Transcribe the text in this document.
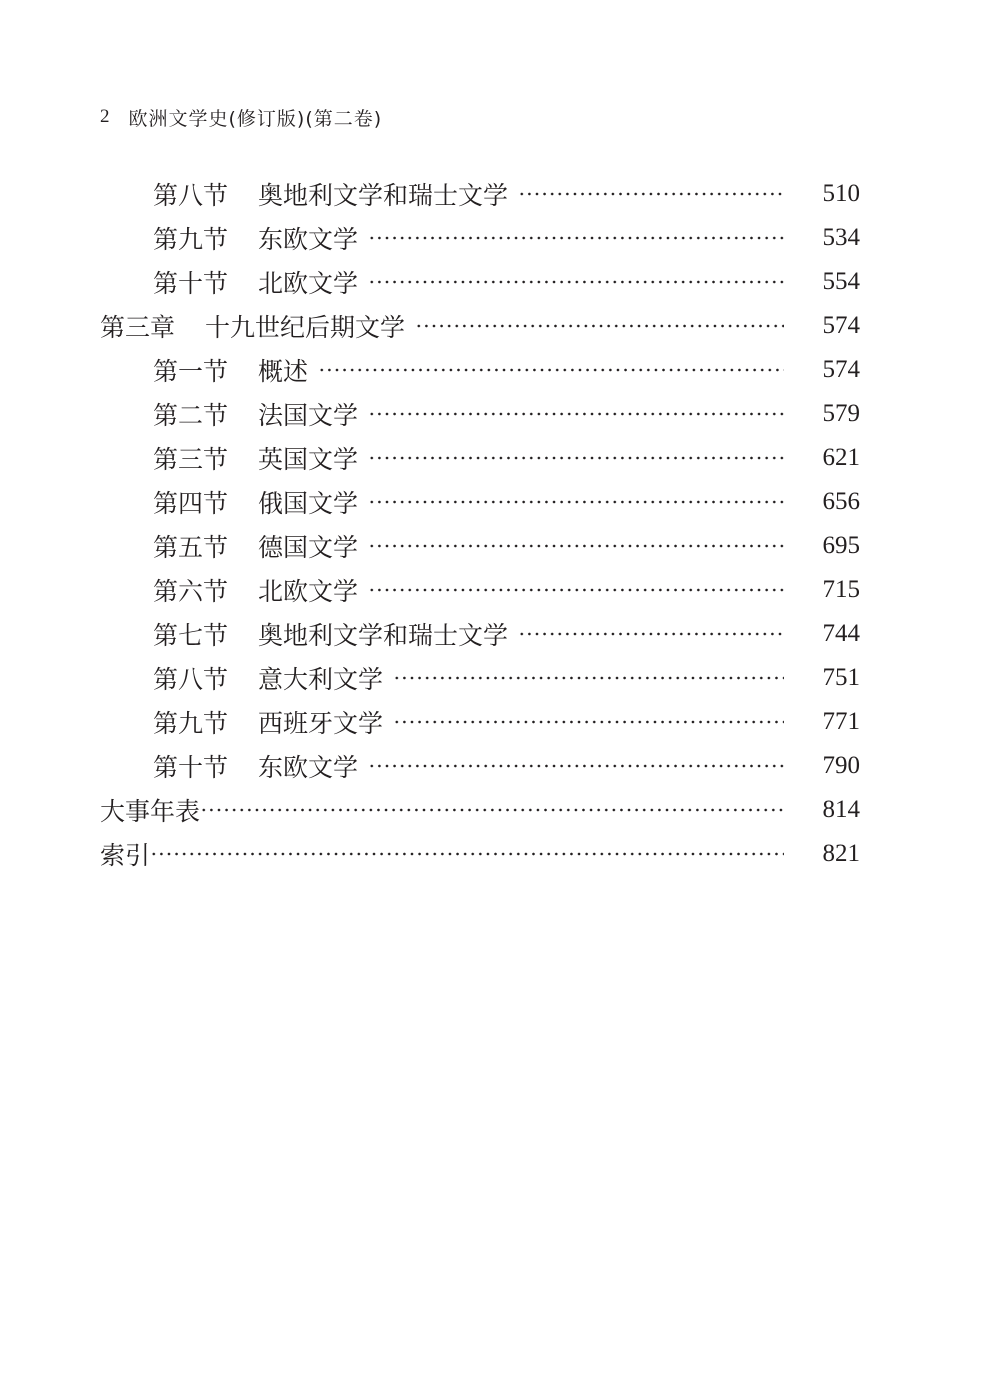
2 欧洲文学史(修订版)(第二卷)
第八节 奥地利文学和瑞士文学	510
第九节 东欧文学	534
第十节 北欧文学	554
第三章 十九世纪后期文学	574
第一节 概述	574
第二节 法国文学	579
第三节 英国文学	621
第四节 俄国文学	656
第五节 德国文学	695
第六节 北欧文学	715
第七节 奥地利文学和瑞士文学	744
第八节 意大利文学	751
第九节 西班牙文学	771
第十节 东欧文学	790
大事年表	814
索引	821
